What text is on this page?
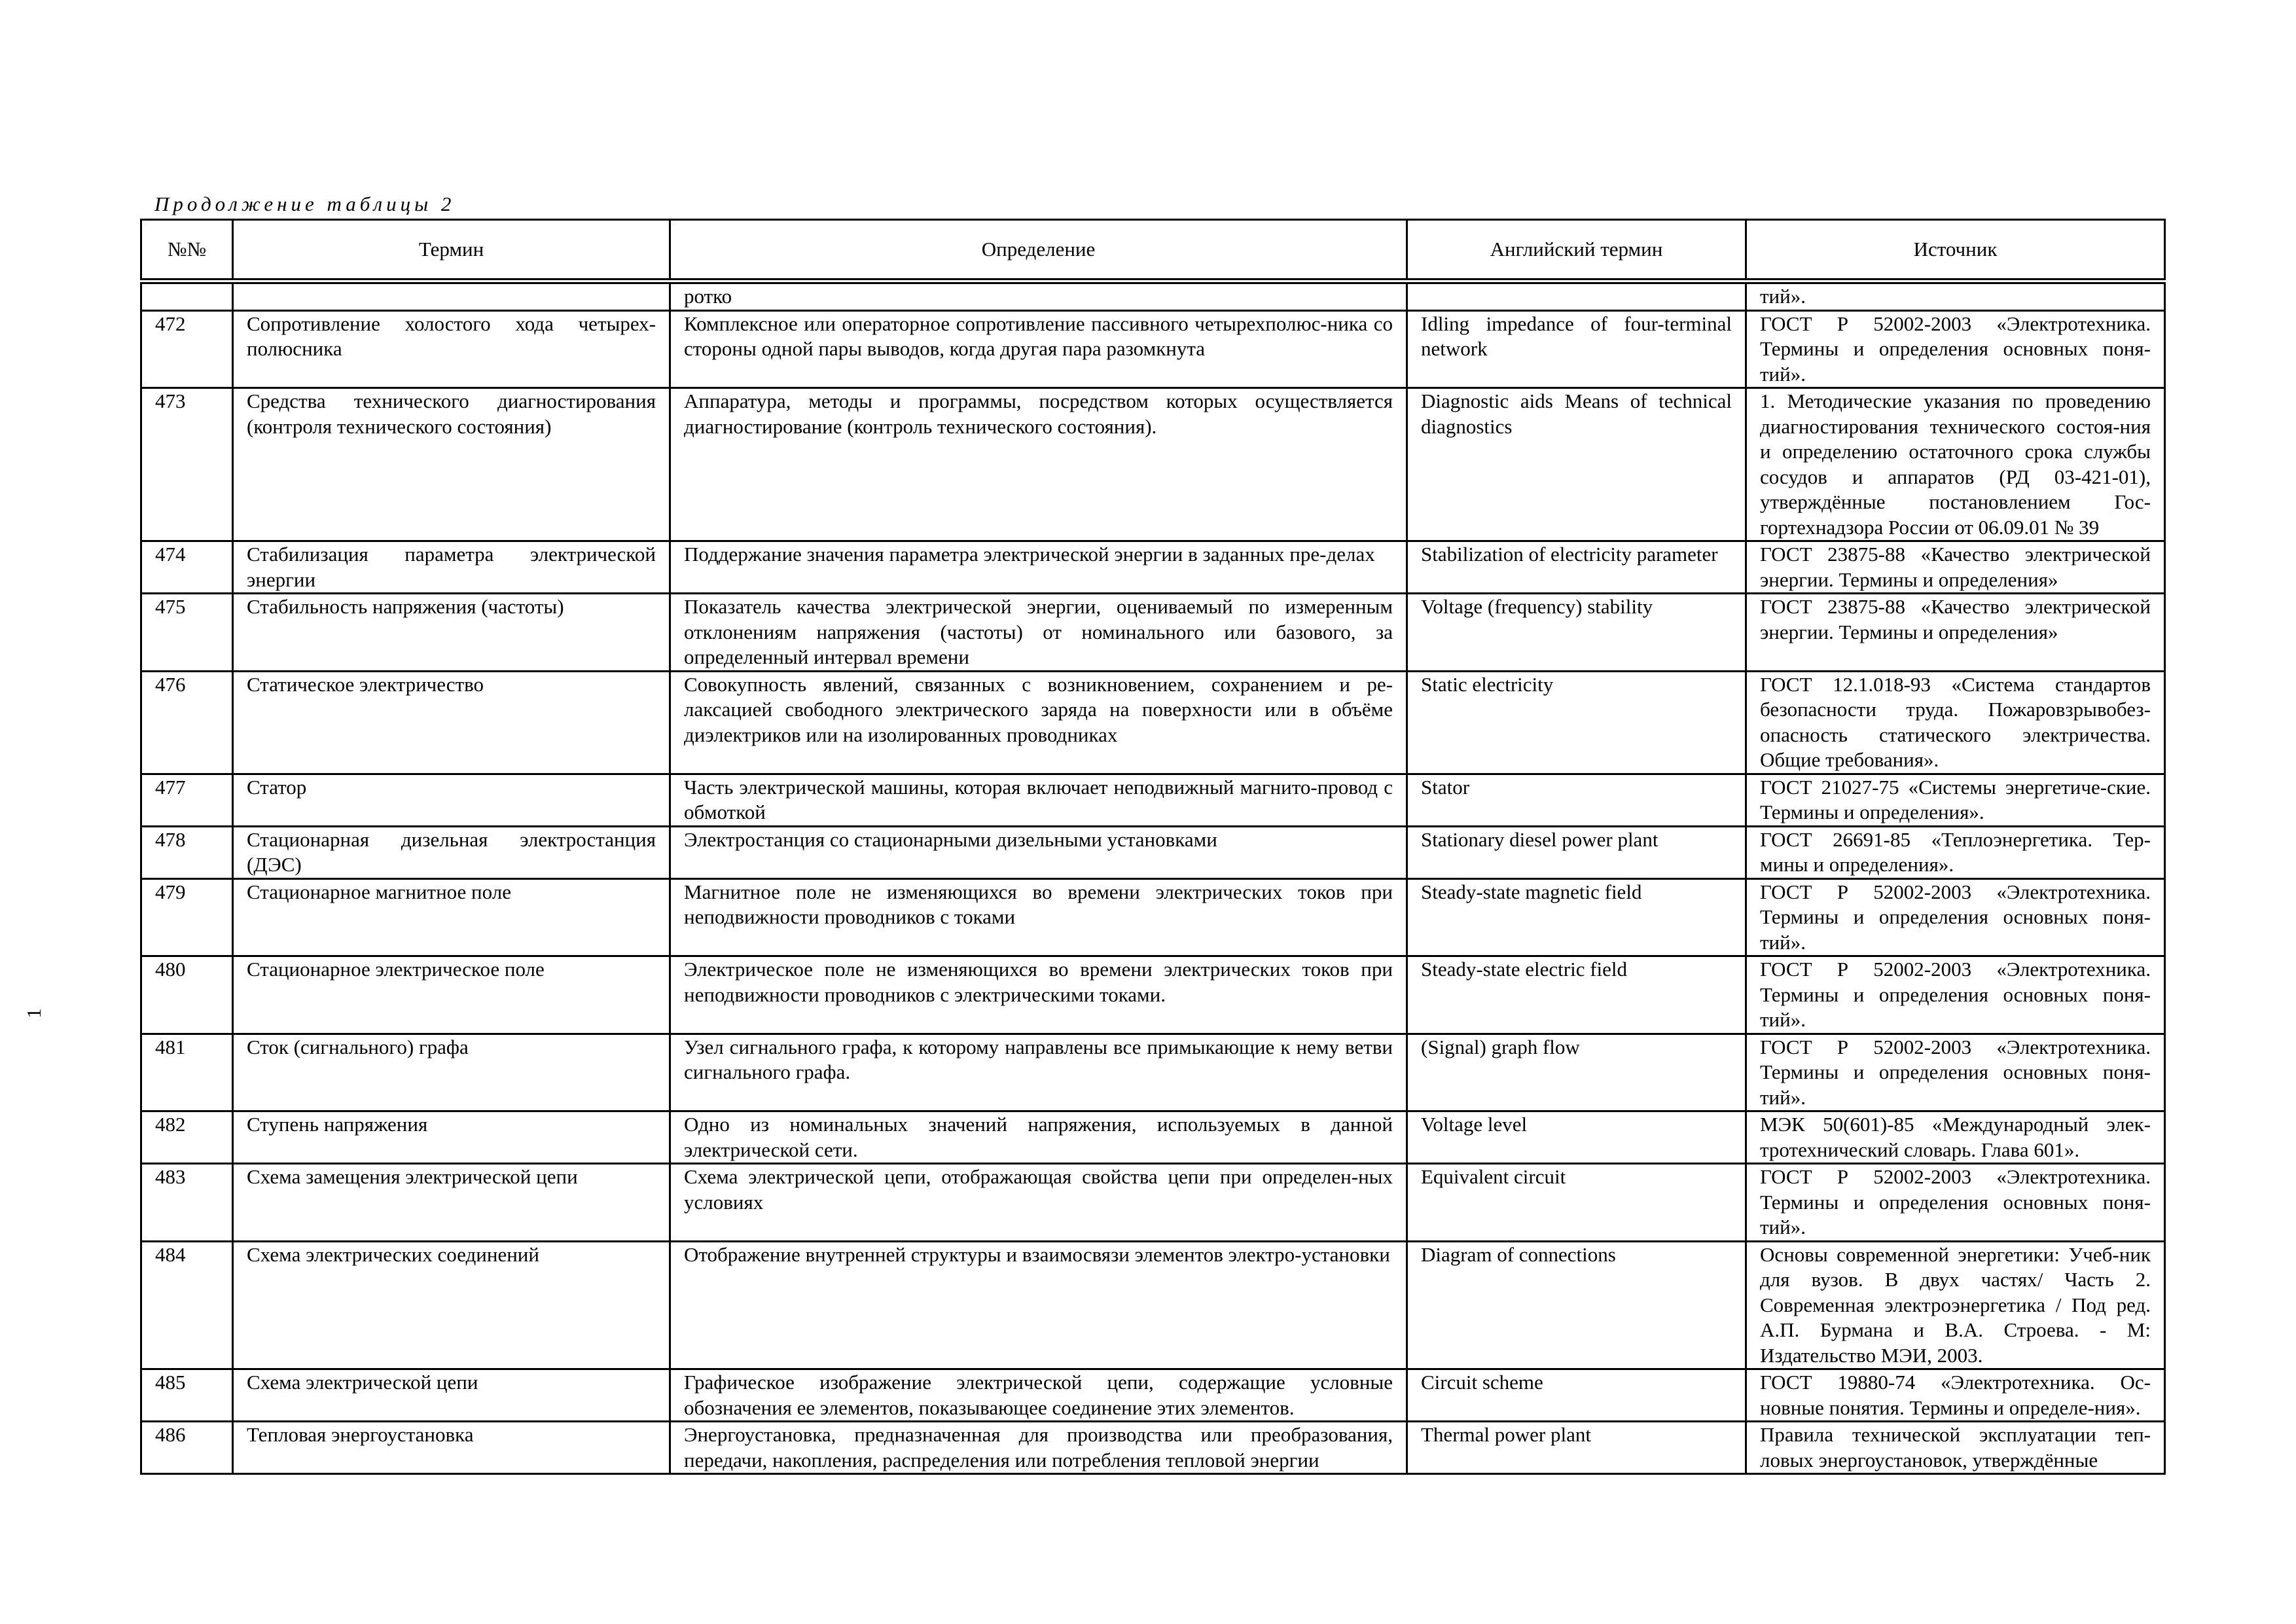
Продолжение таблицы 2
1
№№	Термин	Определение	Английский термин	Источник
		ротко		тий».
472	Сопротивление холостого хода четырех-полюсника	Комплексное или операторное сопротивление пассивного четырехполюс-ника со стороны одной пары выводов, когда другая пара разомкнута	Idling impedance of four-terminal network	ГОСТ Р 52002-2003 «Электротехника. Термины и определения основных поня-тий».
473	Средства технического диагностирования (контроля технического состояния)	Аппаратура, методы и программы, посредством которых осуществляется диагностирование (контроль технического состояния).	Diagnostic aids Means of technical diagnostics	1. Методические указания по проведению диагностирования технического состоя-ния и определению остаточного срока службы сосудов и аппаратов (РД 03-421-01), утверждённые постановлением Гос-гортехнадзора России от 06.09.01 № 39
474	Стабилизация параметра электрической энергии	Поддержание значения параметра электрической энергии в заданных пре-делах	Stabilization of electricity parameter	ГОСТ 23875-88 «Качество электрической энергии. Термины и определения»
475	Стабильность напряжения (частоты)	Показатель качества электрической энергии, оцениваемый по измеренным отклонениям напряжения (частоты) от номинального или базового, за определенный интервал времени	Voltage (frequency) stability	ГОСТ 23875-88 «Качество электрической энергии. Термины и определения»
476	Статическое электричество	Совокупность явлений, связанных с возникновением, сохранением и ре-лаксацией свободного электрического заряда на поверхности или в объёме диэлектриков или на изолированных проводниках	Static electricity	ГОСТ 12.1.018-93 «Система стандартов безопасности труда. Пожаровзрывобез-опасность статического электричества. Общие требования».
477	Статор	Часть электрической машины, которая включает неподвижный магнито-провод с обмоткой	Stator	ГОСТ 21027-75 «Системы энергетиче-ские. Термины и определения».
478	Стационарная дизельная электростанция (ДЭС)	Электростанция со стационарными дизельными установками	Stationary diesel power plant	ГОСТ 26691-85 «Теплоэнергетика. Тер-мины и определения».
479	Стационарное магнитное поле	Магнитное поле не изменяющихся во времени электрических токов при неподвижности проводников с токами	Steady-state magnetic field	ГОСТ Р 52002-2003 «Электротехника. Термины и определения основных поня-тий».
480	Стационарное электрическое поле	Электрическое поле не изменяющихся во времени электрических токов при неподвижности проводников с электрическими токами.	Steady-state electric field	ГОСТ Р 52002-2003 «Электротехника. Термины и определения основных поня-тий».
481	Сток (сигнального) графа	Узел сигнального графа, к которому направлены все примыкающие к нему ветви сигнального графа.	(Signal) graph flow	ГОСТ Р 52002-2003 «Электротехника. Термины и определения основных поня-тий».
482	Ступень напряжения	Одно из номинальных значений напряжения, используемых в данной электрической сети.	Voltage level	МЭК 50(601)-85 «Международный элек-тротехнический словарь. Глава 601».
483	Схема замещения электрической цепи	Схема электрической цепи, отображающая свойства цепи при определен-ных условиях	Equivalent circuit	ГОСТ Р 52002-2003 «Электротехника. Термины и определения основных поня-тий».
484	Схема электрических соединений	Отображение внутренней структуры и взаимосвязи элементов электро-установки	Diagram of connections	Основы современной энергетики: Учеб-ник для вузов. В двух частях/ Часть 2. Современная электроэнергетика / Под ред. А.П. Бурмана и В.А. Строева. - М: Издательство МЭИ, 2003.
485	Схема электрической цепи	Графическое изображение электрической цепи, содержащие условные обозначения ее элементов, показывающее соединение этих элементов.	Circuit scheme	ГОСТ 19880-74 «Электротехника. Ос-новные понятия. Термины и определе-ния».
486	Тепловая энергоустановка	Энергоустановка, предназначенная для производства или преобразования, передачи, накопления, распределения или потребления тепловой энергии	Thermal power plant	Правила технической эксплуатации теп-ловых энергоустановок, утверждённые
